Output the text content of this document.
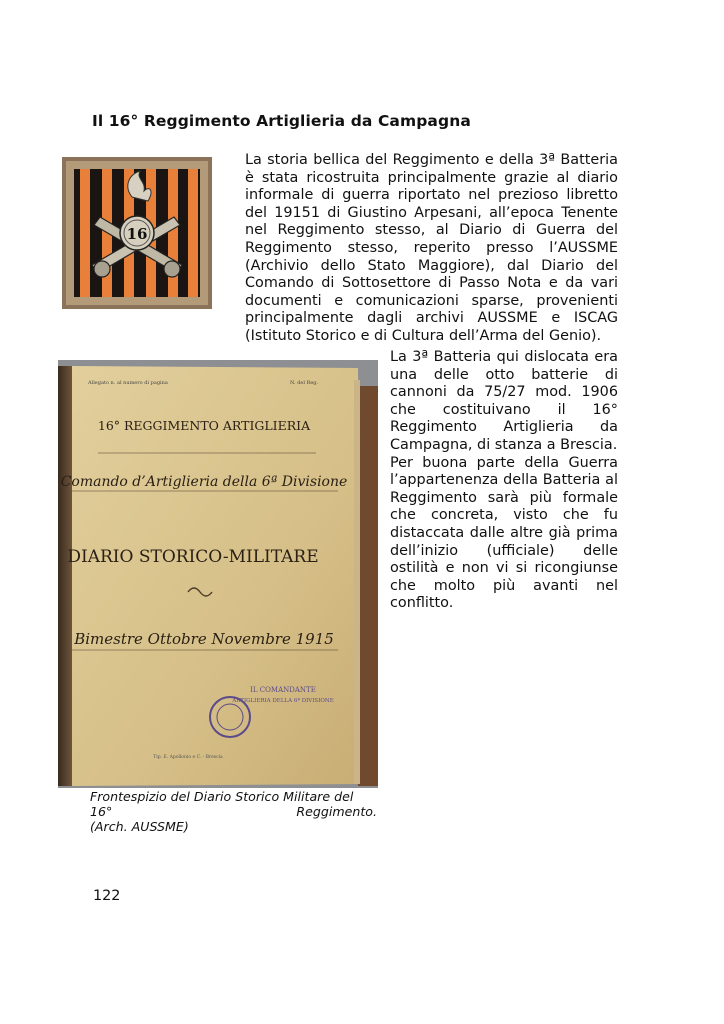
Il 16° Reggimento Artiglieria da Campagna
16

La storia bellica del Reggimento e della 3ª Batteria è stata ricostruita principalmente grazie al diario informale di guerra riportato nel prezioso libretto del 19151 di Giustino Arpesani, all’epoca Tenente nel Reggimento stesso, al Diario di Guerra del Reggimento stesso, reperito presso l’AUSSME (Archivio dello Stato Maggiore), dal Diario del Comando di Sottosettore di Passo Nota e da vari documenti e comunicazioni sparse, provenienti principalmente dagli archivi AUSSME e ISCAG (Istituto Storico e di Cultura dell’Arma del Genio).

Allegato n. al numero di pagina	N. del Reg.
16° REGGIMENTO ARTIGLIERIA
Comando d’Artiglieria della 6ª Divisione
DIARIO STORICO-MILITARE
Bimestre Ottobre Novembre 1915
IL COMANDANTE
ARTIGLIERIA DELLA 6ª DIVISIONE
Tip. E. Apollonio e C. - Brescia

La 3ª Batteria qui dislocata era una delle otto batterie di cannoni da 75/27 mod. 1906 che costituivano il 16° Reggimento Artiglieria da Campagna, di stanza a Brescia.

Per buona parte della Guerra l’appartenenza della Batteria al Reggimento sarà più formale che concreta, visto che fu distaccata dalle altre già prima dell’inizio (ufficiale) delle ostilità e non vi si ricongiunse che molto più avanti nel conflitto.

Frontespizio del Diario Storico Militare del
16°	Reggimento.
(Arch. AUSSME)
122
